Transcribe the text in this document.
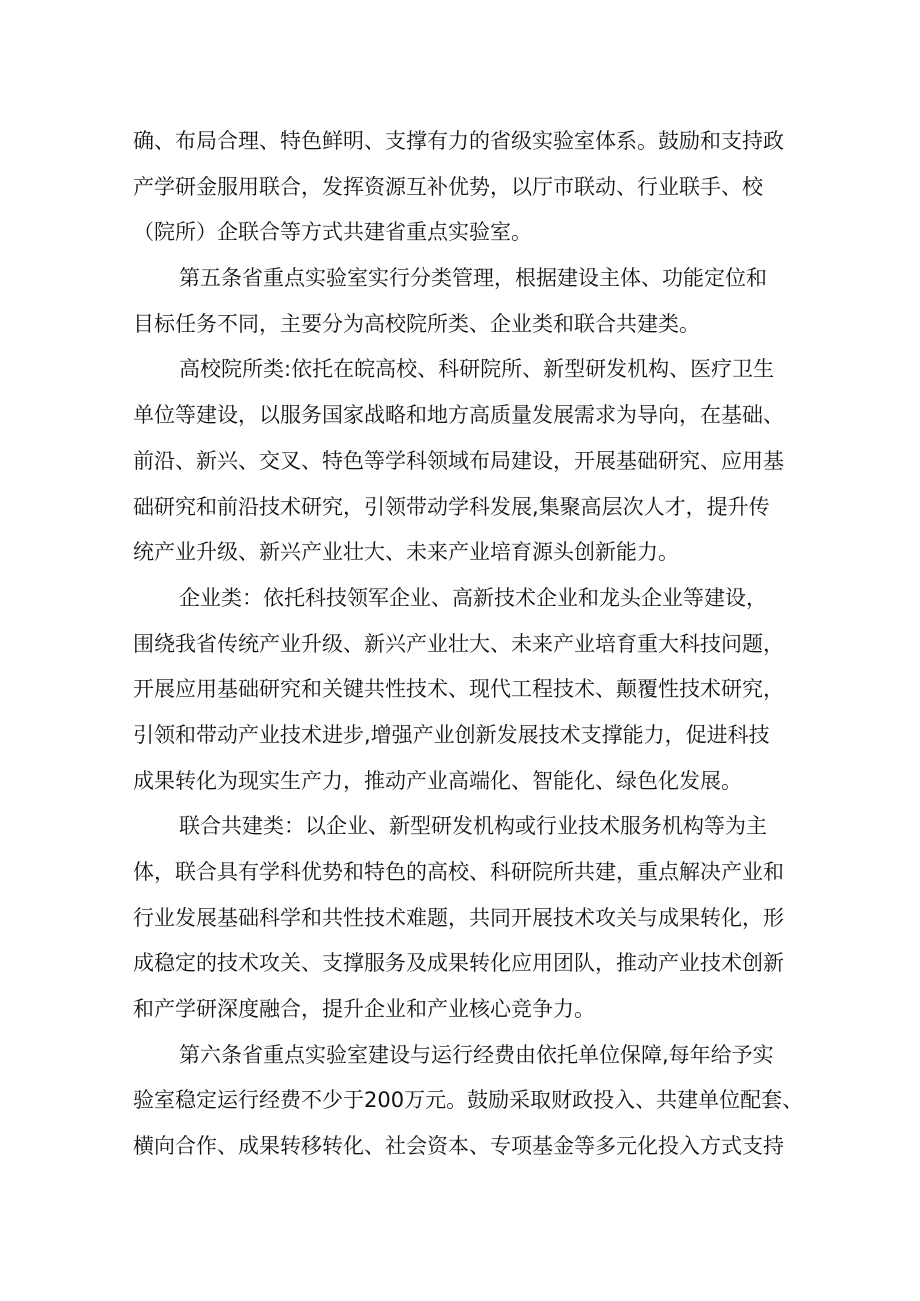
确、布局合理、特色鲜明、支撑有力的省级实验室体系。鼓励和支持政
产学研金服用联合，发挥资源互补优势，以厅市联动、行业联手、校
（院所）企联合等方式共建省重点实验室。
第五条省重点实验室实行分类管理，根据建设主体、功能定位和
目标任务不同，主要分为高校院所类、企业类和联合共建类。
高校院所类:依托在皖高校、科研院所、新型研发机构、医疗卫生
单位等建设，以服务国家战略和地方高质量发展需求为导向，在基础、
前沿、新兴、交叉、特色等学科领域布局建设，开展基础研究、应用基
础研究和前沿技术研究，引领带动学科发展,集聚高层次人才，提升传
统产业升级、新兴产业壮大、未来产业培育源头创新能力。
企业类：依托科技领军企业、高新技术企业和龙头企业等建设，
围绕我省传统产业升级、新兴产业壮大、未来产业培育重大科技问题，
开展应用基础研究和关键共性技术、现代工程技术、颠覆性技术研究，
引领和带动产业技术进步,增强产业创新发展技术支撑能力，促进科技
成果转化为现实生产力，推动产业高端化、智能化、绿色化发展。
联合共建类：以企业、新型研发机构或行业技术服务机构等为主
体，联合具有学科优势和特色的高校、科研院所共建，重点解决产业和
行业发展基础科学和共性技术难题，共同开展技术攻关与成果转化，形
成稳定的技术攻关、支撑服务及成果转化应用团队，推动产业技术创新
和产学研深度融合，提升企业和产业核心竞争力。
第六条省重点实验室建设与运行经费由依托单位保障,每年给予实
验室稳定运行经费不少于200万元。鼓励采取财政投入、共建单位配套、
横向合作、成果转移转化、社会资本、专项基金等多元化投入方式支持
